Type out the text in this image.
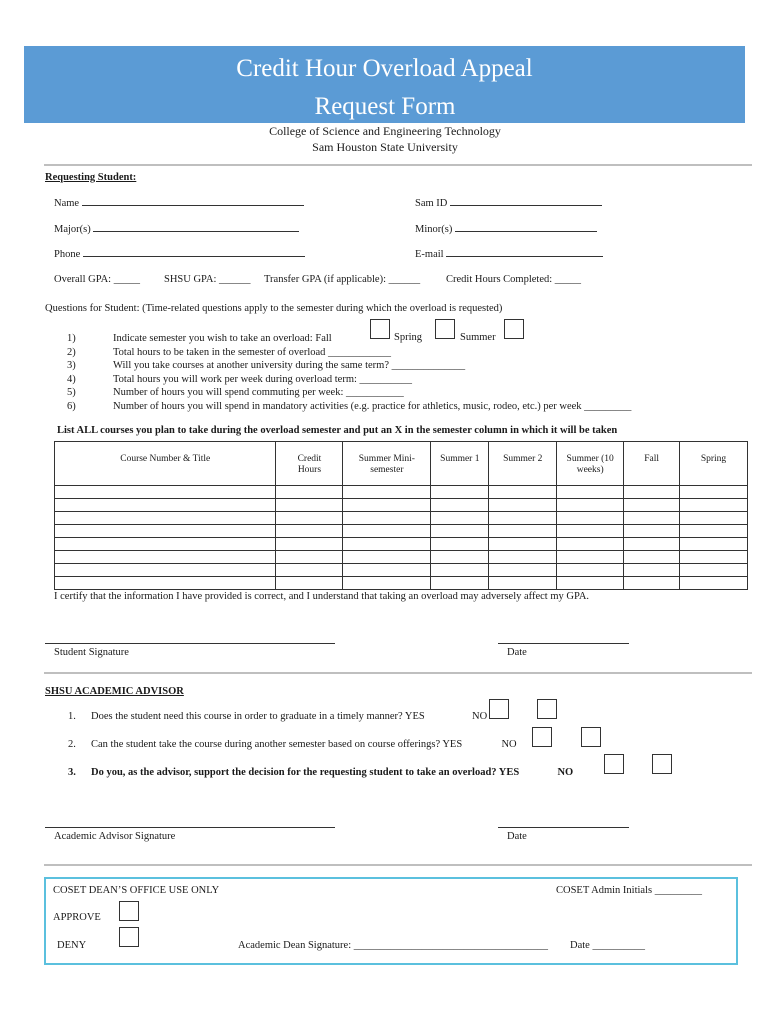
Credit Hour Overload Appeal
Request Form
College of Science and Engineering Technology
Sam Houston State University
Requesting Student:
Name	Sam ID
Major(s)	Minor(s)
Phone	E-mail
Overall GPA: _____ SHSU GPA: ______ Transfer GPA (if applicable): ______ Credit Hours Completed: _____
Questions for Student: (Time-related questions apply to the semester during which the overload is requested)
1)
2)
3)
4)
5)
6)
Indicate semester you wish to take an overload: Fall
Total hours to be taken in the semester of overload ____________
Will you take courses at another university during the same term? ______________
Total hours you will work per week during overload term: __________
Number of hours you will spend commuting per week: ___________
Number of hours you will spend in mandatory activities (e.g. practice for athletics, music, rodeo, etc.) per week _________
Spring	Summer
List ALL courses you plan to take during the overload semester and put an X in the semester column in which it will be taken
Course Number & Title	Credit Hours	Summer Mini-semester	Summer 1	Summer 2	Summer (10 weeks)	Fall	Spring

I certify that the information I have provided is correct, and I understand that taking an overload may adversely affect my GPA.
Student Signature	Date
SHSU ACADEMIC ADVISOR
1. Does the student need this course in order to graduate in a timely manner? YES	NO
2. Can the student take the course during another semester based on course offerings? YES	NO
3. Do you, as the advisor, support the decision for the requesting student to take an overload? YES	NO
Academic Advisor Signature	Date
COSET DEAN’S OFFICE USE ONLY	COSET Admin Initials _________
APPROVE
DENY	Academic Dean Signature: _____________________________________ Date __________
